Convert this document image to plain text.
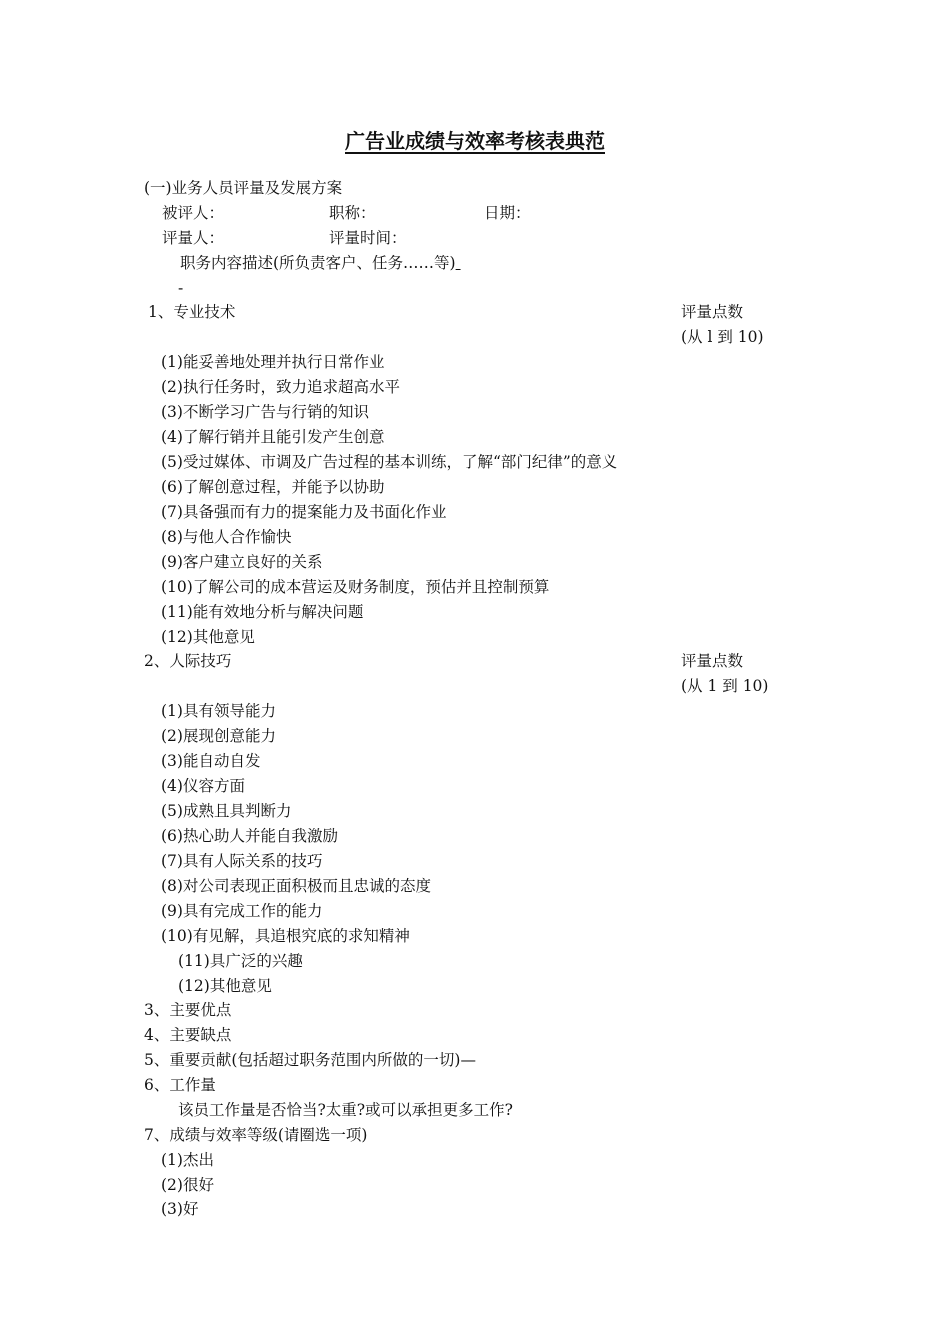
广告业成绩与效率考核表典范
(一)业务人员评量及发展方案
被评人：	职称：	日期：
评量人：	评量时间：
职务内容描述(所负责客户、任务……等)
-
1、专业技术	评量点数
(从 l 到 10)
(1)能妥善地处理并执行日常作业
(2)执行任务时，致力追求超高水平
(3)不断学习广告与行销的知识
(4)了解行销并且能引发产生创意
(5)受过媒体、市调及广告过程的基本训练，了解“部门纪律”的意义
(6)了解创意过程，并能予以协助
(7)具备强而有力的提案能力及书面化作业
(8)与他人合作愉快
(9)客户建立良好的关系
(10)了解公司的成本营运及财务制度，预估并且控制预算
(11)能有效地分析与解决问题
(12)其他意见
2、人际技巧	评量点数
(从 1 到 10)
(1)具有领导能力
(2)展现创意能力
(3)能自动自发
(4)仪容方面
(5)成熟且具判断力
(6)热心助人并能自我激励
(7)具有人际关系的技巧
(8)对公司表现正面积极而且忠诚的态度
(9)具有完成工作的能力
(10)有见解，具追根究底的求知精神
(11)具广泛的兴趣
(12)其他意见
3、主要优点
4、主要缺点
5、重要贡献(包括超过职务范围内所做的一切)—
6、工作量
该员工作量是否恰当?太重?或可以承担更多工作?
7、成绩与效率等级(请圈选一项)
(1)杰出
(2)很好
(3)好
